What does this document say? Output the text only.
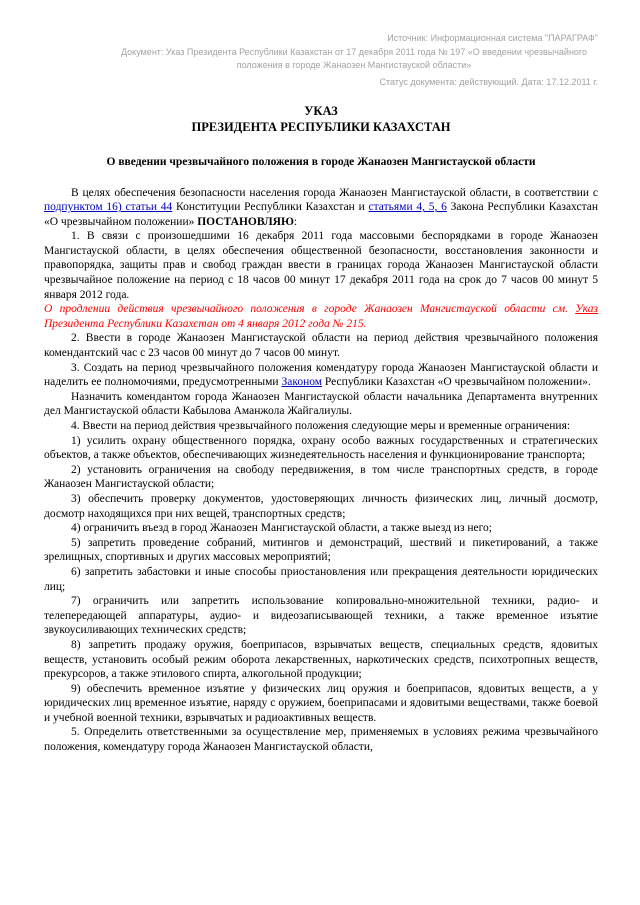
Источник: Информационная система "ПАРАГРАФ"
Документ: Указ Президента Республики Казахстан от 17 декабря 2011 года № 197 «О введении чрезвычайного положения в городе Жанаозен Мангистауской области»
Статус документа: действующий. Дата: 17.12.2011 г.
УКАЗ
ПРЕЗИДЕНТА РЕСПУБЛИКИ КАЗАХСТАН
О введении чрезвычайного положения в городе Жанаозен Мангистауской области

В целях обеспечения безопасности населения города Жанаозен Мангистауской области, в соответствии с подпунктом 16) статьи 44 Конституции Республики Казахстан и статьями 4, 5, 6 Закона Республики Казахстан «О чрезвычайном положении» ПОСТАНОВЛЯЮ:

1. В связи с произошедшими 16 декабря 2011 года массовыми беспорядками в городе Жанаозен Мангистауской области, в целях обеспечения общественной безопасности, восстановления законности и правопорядка, защиты прав и свобод граждан ввести в границах города Жанаозен Мангистауской области чрезвычайное положение на период с 18 часов 00 минут 17 декабря 2011 года на срок до 7 часов 00 минут 5 января 2012 года.

О продлении действия чрезвычайного положения в городе Жанаозен Мангистауской области см. Указ Президента Республики Казахстан от 4 января 2012 года № 215.

2. Ввести в городе Жанаозен Мангистауской области на период действия чрезвычайного положения комендантский час с 23 часов 00 минут до 7 часов 00 минут.

3. Создать на период чрезвычайного положения комендатуру города Жанаозен Мангистауской области и наделить ее полномочиями, предусмотренными Законом Республики Казахстан «О чрезвычайном положении».

Назначить комендантом города Жанаозен Мангистауской области начальника Департамента внутренних дел Мангистауской области Кабылова Аманжола Жайгалиулы.

4. Ввести на период действия чрезвычайного положения следующие меры и временные ограничения:

1) усилить охрану общественного порядка, охрану особо важных государственных и стратегических объектов, а также объектов, обеспечивающих жизнедеятельность населения и функционирование транспорта;

2) установить ограничения на свободу передвижения, в том числе транспортных средств, в городе Жанаозен Мангистауской области;

3) обеспечить проверку документов, удостоверяющих личность физических лиц, личный досмотр, досмотр находящихся при них вещей, транспортных средств;

4) ограничить въезд в город Жанаозен Мангистауской области, а также выезд из него;

5) запретить проведение собраний, митингов и демонстраций, шествий и пикетирований, а также зрелищных, спортивных и других массовых мероприятий;

6) запретить забастовки и иные способы приостановления или прекращения деятельности юридических лиц;

7) ограничить или запретить использование копировально-множительной техники, радио- и телепередающей аппаратуры, аудио- и видеозаписывающей техники, а также временное изъятие звукоусиливающих технических средств;

8) запретить продажу оружия, боеприпасов, взрывчатых веществ, специальных средств, ядовитых веществ, установить особый режим оборота лекарственных, наркотических средств, психотропных веществ, прекурсоров, а также этилового спирта, алкогольной продукции;

9) обеспечить временное изъятие у физических лиц оружия и боеприпасов, ядовитых веществ, а у юридических лиц временное изъятие, наряду с оружием, боеприпасами и ядовитыми веществами, также боевой и учебной военной техники, взрывчатых и радиоактивных веществ.

5. Определить ответственными за осуществление мер, применяемых в условиях режима чрезвычайного положения, комендатуру города Жанаозен Мангистауской области,
